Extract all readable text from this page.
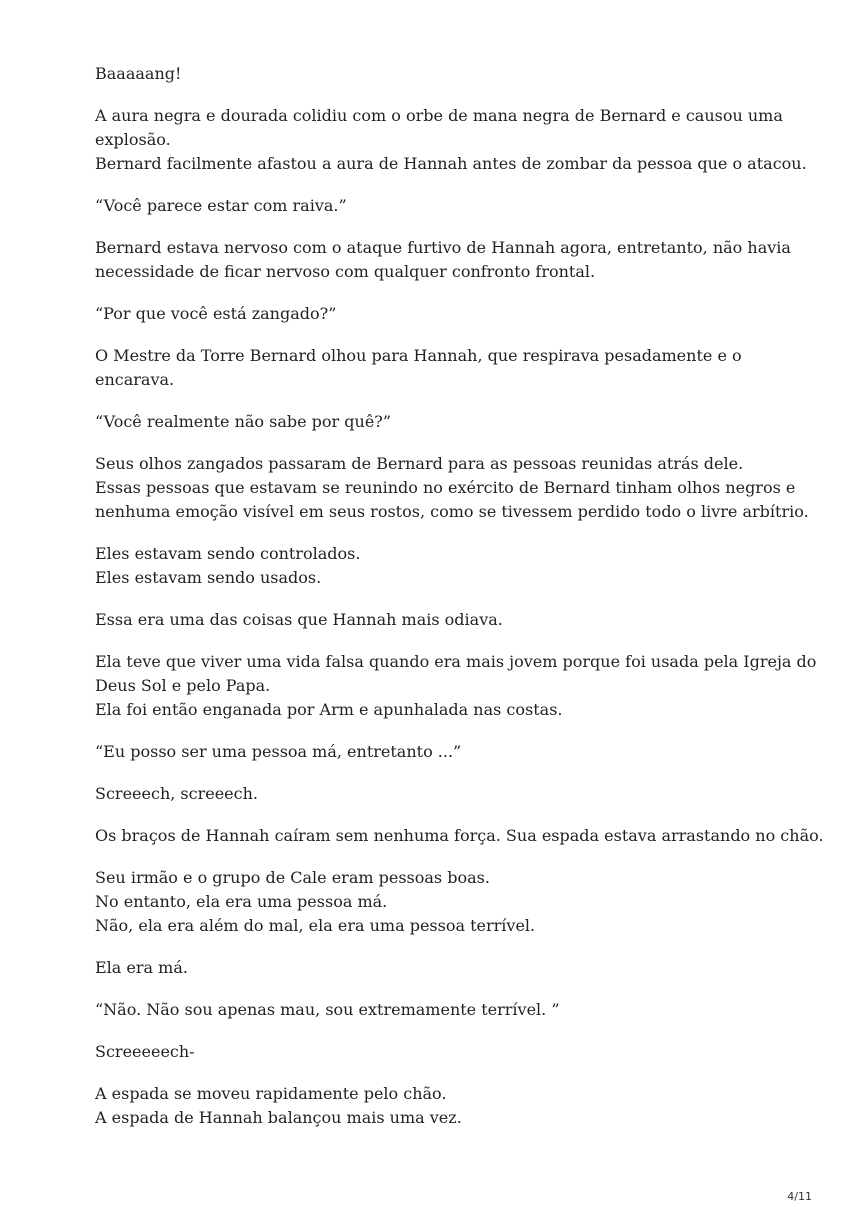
Baaaaang!

A aura negra e dourada colidiu com o orbe de mana negra de Bernard e causou uma
explosão.
Bernard facilmente afastou a aura de Hannah antes de zombar da pessoa que o atacou.

“Você parece estar com raiva.”

Bernard estava nervoso com o ataque furtivo de Hannah agora, entretanto, não havia
necessidade de ficar nervoso com qualquer confronto frontal.

“Por que você está zangado?”

O Mestre da Torre Bernard olhou para Hannah, que respirava pesadamente e o
encarava.

“Você realmente não sabe por quê?”

Seus olhos zangados passaram de Bernard para as pessoas reunidas atrás dele.
Essas pessoas que estavam se reunindo no exército de Bernard tinham olhos negros e
nenhuma emoção visível em seus rostos, como se tivessem perdido todo o livre arbítrio.

Eles estavam sendo controlados.
Eles estavam sendo usados.

Essa era uma das coisas que Hannah mais odiava.

Ela teve que viver uma vida falsa quando era mais jovem porque foi usada pela Igreja do
Deus Sol e pelo Papa.
Ela foi então enganada por Arm e apunhalada nas costas.

“Eu posso ser uma pessoa má, entretanto ...”

Screeech, screeech.

Os braços de Hannah caíram sem nenhuma força. Sua espada estava arrastando no chão.

Seu irmão e o grupo de Cale eram pessoas boas.
No entanto, ela era uma pessoa má.
Não, ela era além do mal, ela era uma pessoa terrível.

Ela era má.

“Não. Não sou apenas mau, sou extremamente terrível. ”

Screeeeech-

A espada se moveu rapidamente pelo chão.
A espada de Hannah balançou mais uma vez.

4/11
